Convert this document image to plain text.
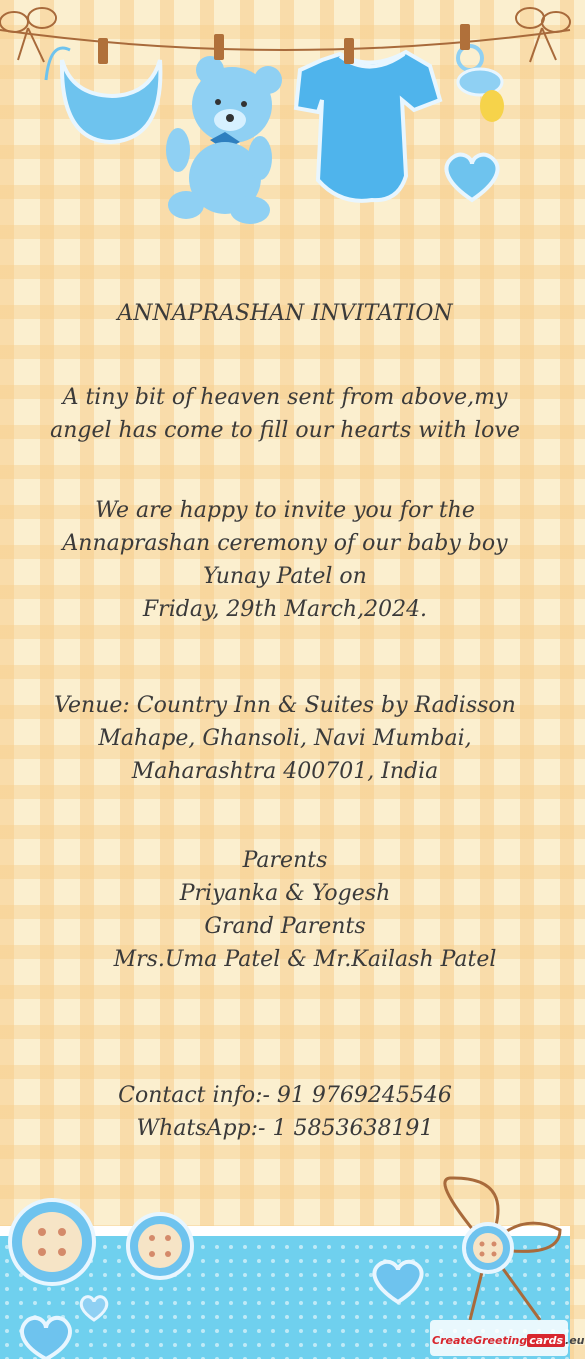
ANNAPRASHAN INVITATION
A tiny bit of heaven sent from above,my
angel has come to fill our hearts with love
We are happy to invite you for the
Annaprashan ceremony of our baby boy
Yunay Patel on
Friday, 29th March,2024.
Venue: Country Inn & Suites by Radisson
Mahape, Ghansoli, Navi Mumbai,
Maharashtra 400701, India
Parents
Priyanka & Yogesh
Grand Parents
Mrs.Uma Patel & Mr.Kailash Patel
Contact info:- 91 9769245546
WhatsApp:- 1 5853638191
CreateGreeting cards .eu
